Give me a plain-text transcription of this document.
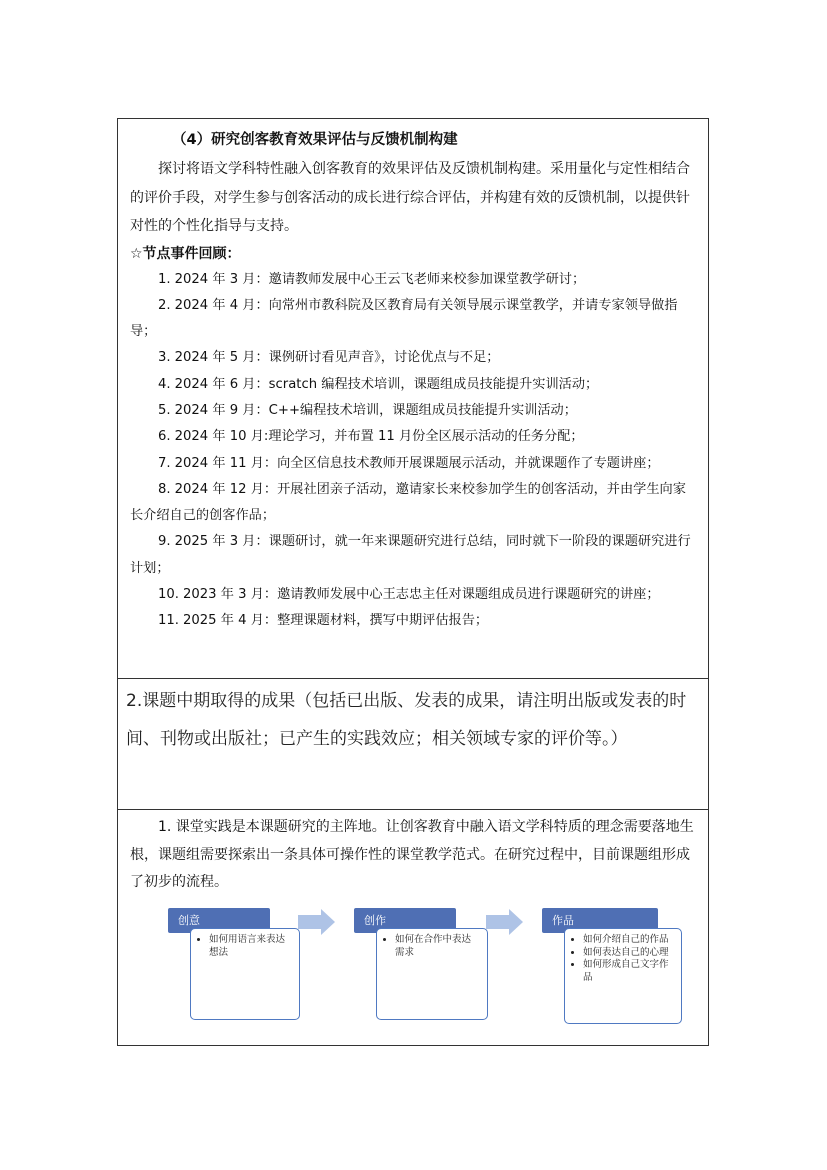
（4）研究创客教育效果评估与反馈机制构建

探讨将语文学科特性融入创客教育的效果评估及反馈机制构建。采用量化与定性相结合的评价手段，对学生参与创客活动的成长进行综合评估，并构建有效的反馈机制，以提供针对性的个性化指导与支持。

☆节点事件回顾：

1. 2024 年 3 月：邀请教师发展中心王云飞老师来校参加课堂教学研讨；

2. 2024 年 4 月：向常州市教科院及区教育局有关领导展示课堂教学，并请专家领导做指导；

3. 2024 年 5 月：课例研讨看见声音》，讨论优点与不足；

4. 2024 年 6 月：scratch 编程技术培训，课题组成员技能提升实训活动；

5. 2024 年 9 月：C++编程技术培训，课题组成员技能提升实训活动；

6. 2024 年 10 月:理论学习，并布置 11 月份全区展示活动的任务分配；

7. 2024 年 11 月：向全区信息技术教师开展课题展示活动，并就课题作了专题讲座；

8. 2024 年 12 月：开展社团亲子活动，邀请家长来校参加学生的创客活动，并由学生向家长介绍自己的创客作品；

9. 2025 年 3 月：课题研讨，就一年来课题研究进行总结，同时就下一阶段的课题研究进行计划；

10. 2023 年 3 月：邀请教师发展中心王志忠主任对课题组成员进行课题研究的讲座；

11. 2025 年 4 月：整理课题材料，撰写中期评估报告；

2.课题中期取得的成果（包括已出版、发表的成果，请注明出版或发表的时间、刊物或出版社；已产生的实践效应；相关领域专家的评价等。）

1. 课堂实践是本课题研究的主阵地。让创客教育中融入语文学科特质的理念需要落地生根，课题组需要探索出一条具体可操作性的课堂教学范式。在研究过程中，目前课题组形成了初步的流程。

创意
• 如何用语言来表达想法
创作
• 如何在合作中表达需求
作品
• 如何介绍自己的作品
• 如何表达自己的心理
• 如何形成自己文字作品
